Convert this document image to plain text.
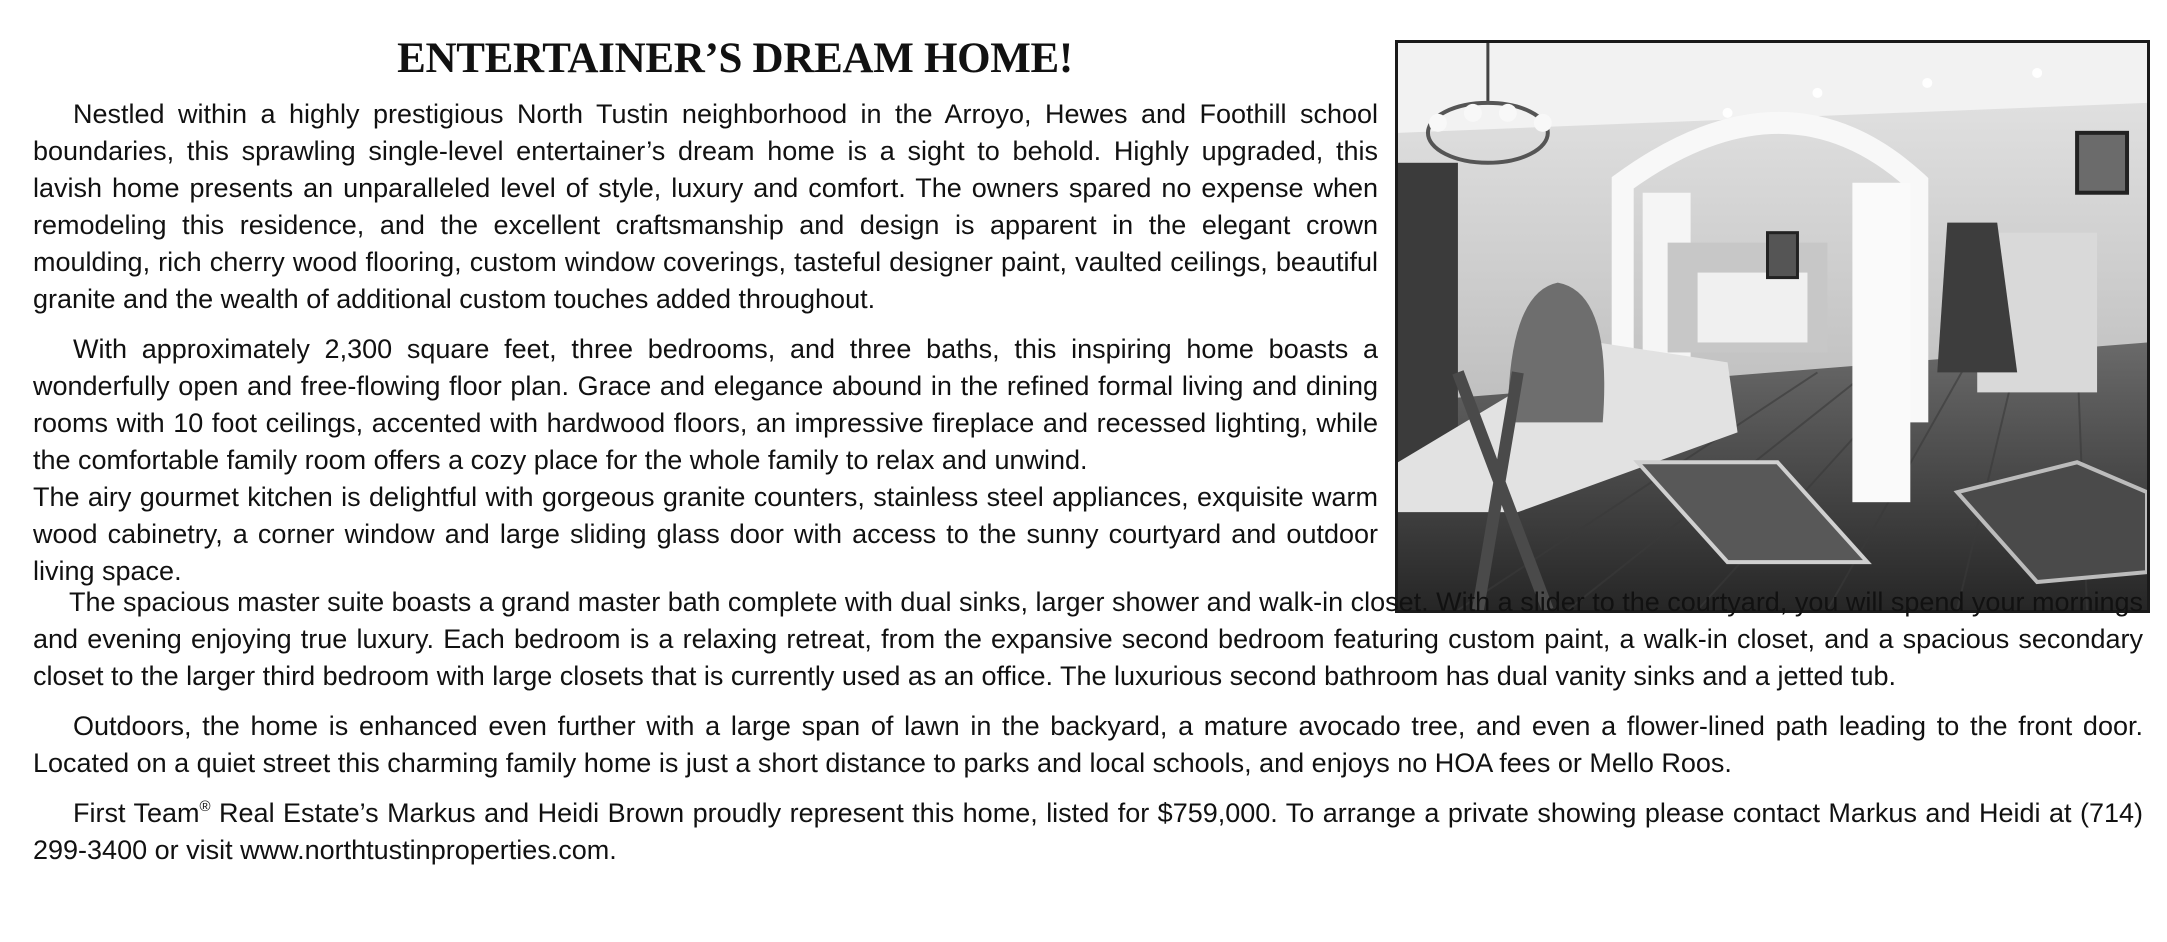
ENTERTAINER’S DREAM HOME!

Nestled within a highly prestigious North Tustin neighborhood in the Arroyo, Hewes and Foothill school boundaries, this sprawling single-level entertainer’s dream home is a sight to behold. Highly upgraded, this lavish home presents an unparalleled level of style, luxury and comfort. The owners spared no expense when remodeling this residence, and the excellent craftsmanship and design is apparent in the elegant crown moulding, rich cherry wood flooring, custom window coverings, tasteful designer paint, vaulted ceilings, beautiful granite and the wealth of additional custom touches added throughout.

With approximately 2,300 square feet, three bedrooms, and three baths, this inspiring home boasts a wonderfully open and free-flowing floor plan. Grace and elegance abound in the refined formal living and dining rooms with 10 foot ceilings, accented with hardwood floors, an impressive fireplace and recessed lighting, while the comfortable family room offers a cozy place for the whole family to relax and unwind.

The airy gourmet kitchen is delightful with gorgeous granite counters, stainless steel appliances, exquisite warm wood cabinetry, a corner window and large sliding glass door with access to the sunny courtyard and outdoor living space.

The spacious master suite boasts a grand master bath complete with dual sinks, larger shower and walk-in closet. With a slider to the courtyard, you will spend your mornings and evening enjoying true luxury. Each bedroom is a relaxing retreat, from the expansive second bedroom featuring custom paint, a walk-in closet, and a spacious secondary closet to the larger third bedroom with large closets that is currently used as an office. The luxurious second bathroom has dual vanity sinks and a jetted tub.

Outdoors, the home is enhanced even further with a large span of lawn in the backyard, a mature avocado tree, and even a flower-lined path leading to the front door. Located on a quiet street this charming family home is just a short distance to parks and local schools, and enjoys no HOA fees or Mello Roos.

First Team® Real Estate’s Markus and Heidi Brown proudly represent this home, listed for $759,000. To arrange a private showing please contact Markus and Heidi at (714) 299-3400 or visit www.northtustinproperties.com.
